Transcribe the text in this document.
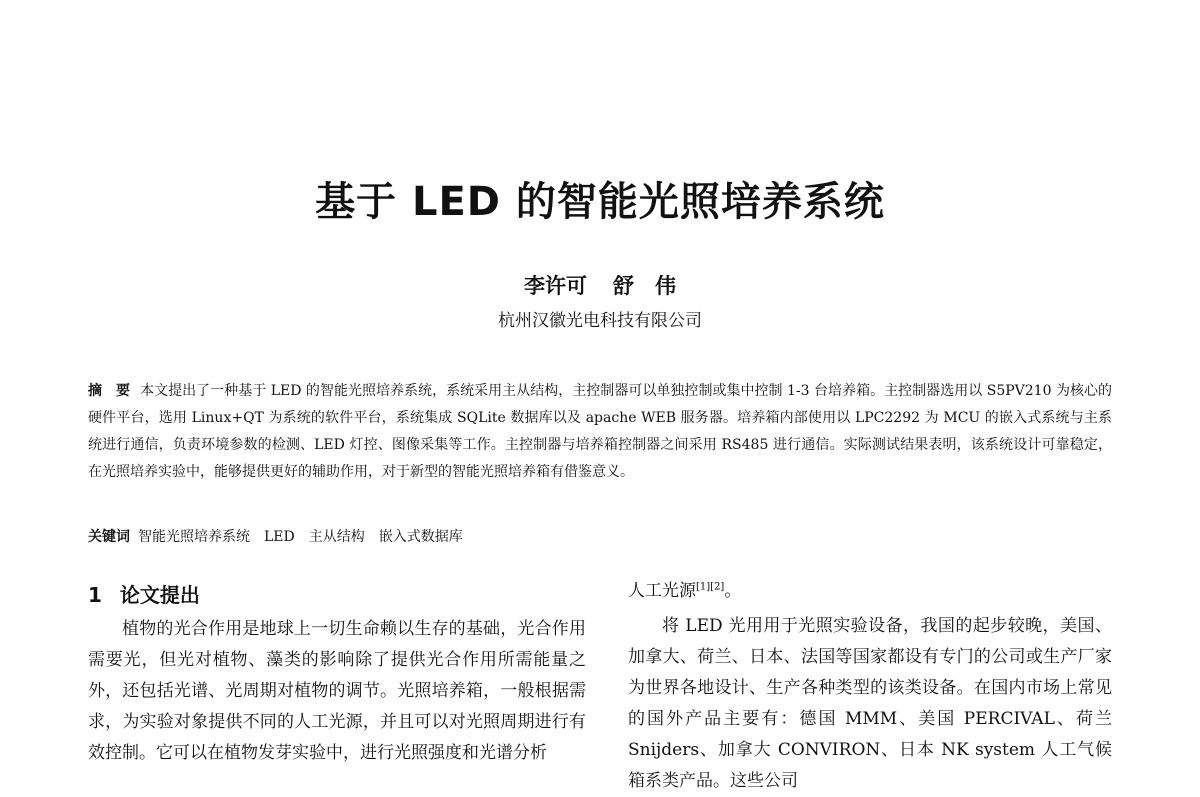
基于 LED 的智能光照培养系统
李许可 舒　伟
杭州汉徽光电科技有限公司
摘　要 本文提出了一种基于 LED 的智能光照培养系统，系统采用主从结构，主控制器可以单独控制或集中控制 1-3 台培养箱。主控制器选用以 S5PV210 为核心的硬件平台，选用 Linux+QT 为系统的软件平台，系统集成 SQLite 数据库以及 apache WEB 服务器。培养箱内部使用以 LPC2292 为 MCU 的嵌入式系统与主系统进行通信，负责环境参数的检测、LED 灯控、图像采集等工作。主控制器与培养箱控制器之间采用 RS485 进行通信。实际测试结果表明，该系统设计可靠稳定，在光照培养实验中，能够提供更好的辅助作用，对于新型的智能光照培养箱有借鉴意义。
关键词 智能光照培养系统　LED　主从结构　嵌入式数据库
1 论文提出

植物的光合作用是地球上一切生命赖以生存的基础，光合作用需要光，但光对植物、藻类的影响除了提供光合作用所需能量之外，还包括光谱、光周期对植物的调节。光照培养箱，一般根据需求，为实验对象提供不同的人工光源，并且可以对光照周期进行有效控制。它可以在植物发芽实验中，进行光照强度和光谱分析

人工光源[1][2]。

将 LED 光用用于光照实验设备，我国的起步较晚，美国、加拿大、荷兰、日本、法国等国家都设有专门的公司或生产厂家为世界各地设计、生产各种类型的该类设备。在国内市场上常见的国外产品主要有：德国 MMM、美国 PERCIVAL、荷兰 Snijders、加拿大 CONVIRON、日本 NK system 人工气候箱系类产品。这些公司
